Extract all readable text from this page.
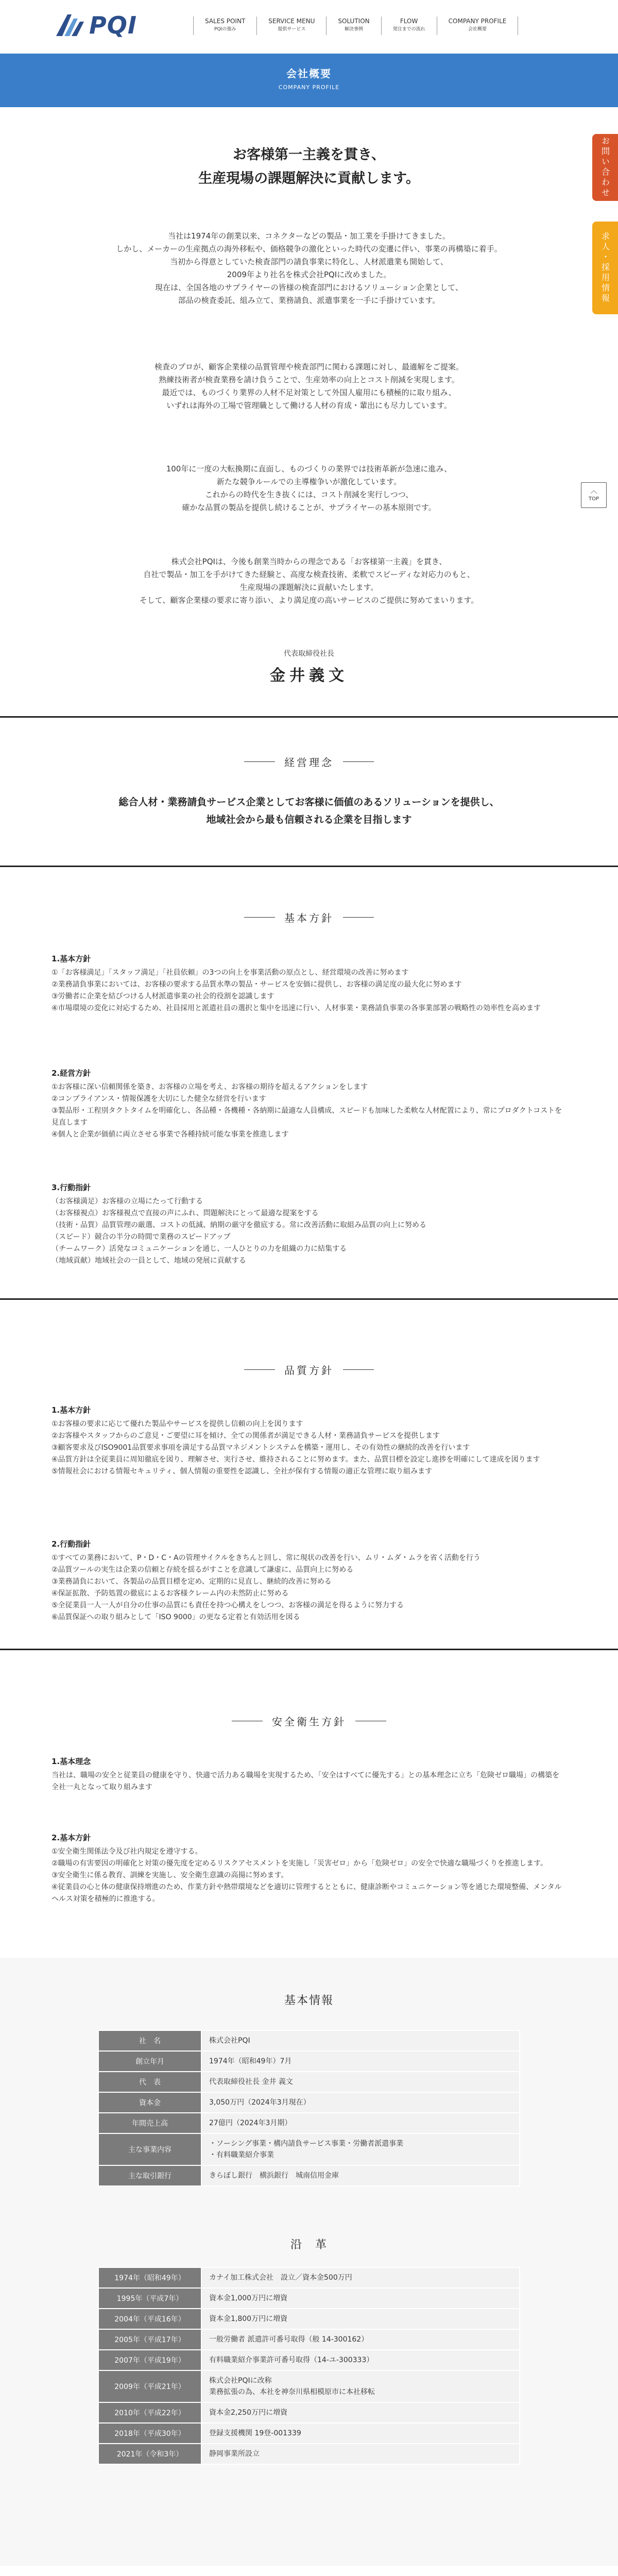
PQI	SALES POINT
PQIの強み
SERVICE MENU
提供サービス
SOLUTION
解決事例
FLOW
発注までの流れ
COMPANY PROFILE
会社概要
会社概要
COMPANY PROFILE
お問い合わせ
求人・採用情報
︿
TOP
お客様第一主義を貫き、
生産現場の課題解決に貢献します。
当社は1974年の創業以来、コネクターなどの製品・加工業を手掛けてきました。
しかし、メーカーの生産拠点の海外移転や、価格競争の激化といった時代の変遷に伴い、事業の再構築に着手。
当初から得意としていた検査部門の請負事業に特化し、人材派遣業も開始して、
2009年より社名を株式会社PQIに改めました。
現在は、全国各地のサプライヤーの皆様の検査部門におけるソリューション企業として、
部品の検査委託、組み立て、業務請負、派遣事業を一手に手掛けています。
検査のプロが、顧客企業様の品質管理や検査部門に関わる課題に対し、最適解をご提案。
熟練技術者が検査業務を請け負うことで、生産効率の向上とコスト削減を実現します。
最近では、ものづくり業界の人材不足対策として外国人雇用にも積極的に取り組み、
いずれは海外の工場で管理職として働ける人材の育成・輩出にも尽力しています。
100年に一度の大転換期に直面し、ものづくりの業界では技術革新が急速に進み、
新たな競争ルールでの主導権争いが激化しています。
これからの時代を生き抜くには、コスト削減を実行しつつ、
確かな品質の製品を提供し続けることが、サプライヤーの基本原則です。
株式会社PQIは、今後も創業当時からの理念である「お客様第一主義」を貫き、
自社で製品・加工を手がけてきた経験と、高度な検査技術、柔軟でスピーディな対応力のもと、
生産現場の課題解決に貢献いたします。
そして、顧客企業様の要求に寄り添い、より満足度の高いサービスのご提供に努めてまいります。
代表取締役社長
金井義文
経営理念
総合人材・業務請負サービス企業としてお客様に価値のあるソリューションを提供し、
地域社会から最も信頼される企業を目指します
基本方針
1.基本方針

①「お客様満足」「スタッフ満足」「社員依頼」の3つの向上を事業活動の原点とし、経営環境の改善に努めます

②業務請負事業においては、お客様の要求する品質水準の製品・サービスを安価に提供し、お客様の満足度の最大化に努めます

③労働者に企業を結びつける人材派遣事業の社会的役割を認識します

④市場環境の変化に対応するため、社員採用と派遣社員の選択と集中を迅速に行い、人材事業・業務請負事業の各事業部署の戦略性の効率性を高めます

2.経営方針

①お客様に深い信頼関係を築き、お客様の立場を考え、お客様の期待を超えるアクションをします

②コンプライアンス・情報保護を大切にした健全な経営を行います

③製品形・工程別タクトタイムを明確化し、各品種・各機種・各納期に最適な人員構成、スピードも加味した柔軟な人材配置により、常にプロダクトコストを見直します

④個人と企業が価値に両立させる事業で各種持続可能な事業を推進します

3.行動指針

（お客様満足）お客様の立場にたって行動する

（お客様視点）お客様視点で直接の声にふれ、問題解決にとって最適な提案をする

（技術・品質）品質管理の厳選、コストの低減、納期の厳守を徹底する。常に改善活動に取組み品質の向上に努める

（スピード）競合の半分の時間で業務のスピードアップ

（チームワーク）活発なコミュニケーションを通じ、一人ひとりの力を組織の力に結集する

（地域貢献）地域社会の一員として、地域の発展に貢献する

品質方針
1.基本方針

①お客様の要求に応じて優れた製品やサービスを提供し信頼の向上を図ります

②お客様やスタッフからのご意見・ご要望に耳を傾け、全ての関係者が満足できる人材・業務請負サービスを提供します

③顧客要求及びISO9001品質要求事項を満足する品質マネジメントシステムを構築・運用し、その有効性の継続的改善を行います

④品質方針は全従業員に周知徹底を図り、理解させ、実行させ、維持されることに努めます。また、品質目標を設定し進捗を明確にして達成を図ります

⑤情報社会における情報セキュリティ、個人情報の重要性を認識し、全社が保有する情報の適正な管理に取り組みます

2.行動指針

①すべての業務において、P・D・C・Aの管理サイクルをきちんと回し、常に現状の改善を行い、ムリ・ムダ・ムラを省く活動を行う

②品質ツールの実生は企業の信頼と存続を揺るがすことを意識して謙虚に、品質向上に努める

③業務請負において、各製品の品質目標を定め、定期的に見直し、継続的改善に努める

④保証拡散、予防処置の徹底によるお客様クレーム内の未然防止に努める

⑤全従業員一人一人が自分の仕事の品質にも責任を持つ心構えをしつつ、お客様の満足を得るように努力する

⑥品質保証への取り組みとして「ISO 9000」の更なる定着と有効活用を図る

安全衛生方針
1.基本理念

当社は、職場の安全と従業員の健康を守り、快適で活力ある職場を実現するため、「安全はすべてに優先する」との基本理念に立ち「危険ゼロ職場」の構築を全社一丸となって取り組みます

2.基本方針

①安全衛生関係法令及び社内規定を遵守する。

②職場の有害要因の明確化と対策の優先度を定めるリスクアセスメントを実施し「災害ゼロ」から「危険ゼロ」の安全で快適な職場づくりを推進します。

③安全衛生に係る教育、訓練を実施し、安全衛生意識の高揚に努めます。

④従業員の心と体の健康保持増進のため、作業方針や熱帯環境などを適切に管理するとともに、健康診断やコミュニケーション等を通じた環境整備、メンタルヘルス対策を積極的に推進する。

基本情報
社　名	株式会社PQI
創立年月	1974年（昭和49年）7月
代　表	代表取締役社長 金井 義文
資本金	3,050万円（2024年3月現在）
年間売上高	27億円（2024年3月期）
主な事業内容	・ソーシング事業・構内請負サービス事業・労働者派遣事業
・有料職業紹介事業
主な取引銀行	きらぼし銀行　横浜銀行　城南信用金庫
沿　革
1974年（昭和49年）	カナイ加工株式会社　設立／資本金500万円
1995年（平成7年）	資本金1,000万円に増資
2004年（平成16年）	資本金1,800万円に増資
2005年（平成17年）	一般労働者 派遣許可番号取得（般 14-300162）
2007年（平成19年）	有料職業紹介事業許可番号取得（14-ユ-300333）
2009年（平成21年）	株式会社PQIに改称
業務拡張の為、本社を神奈川県相模原市に本社移転
2010年（平成22年）	資本金2,250万円に増資
2018年（平成30年）	登録支援機関 19登-001339
2021年（令和3年）	静岡事業所設立
